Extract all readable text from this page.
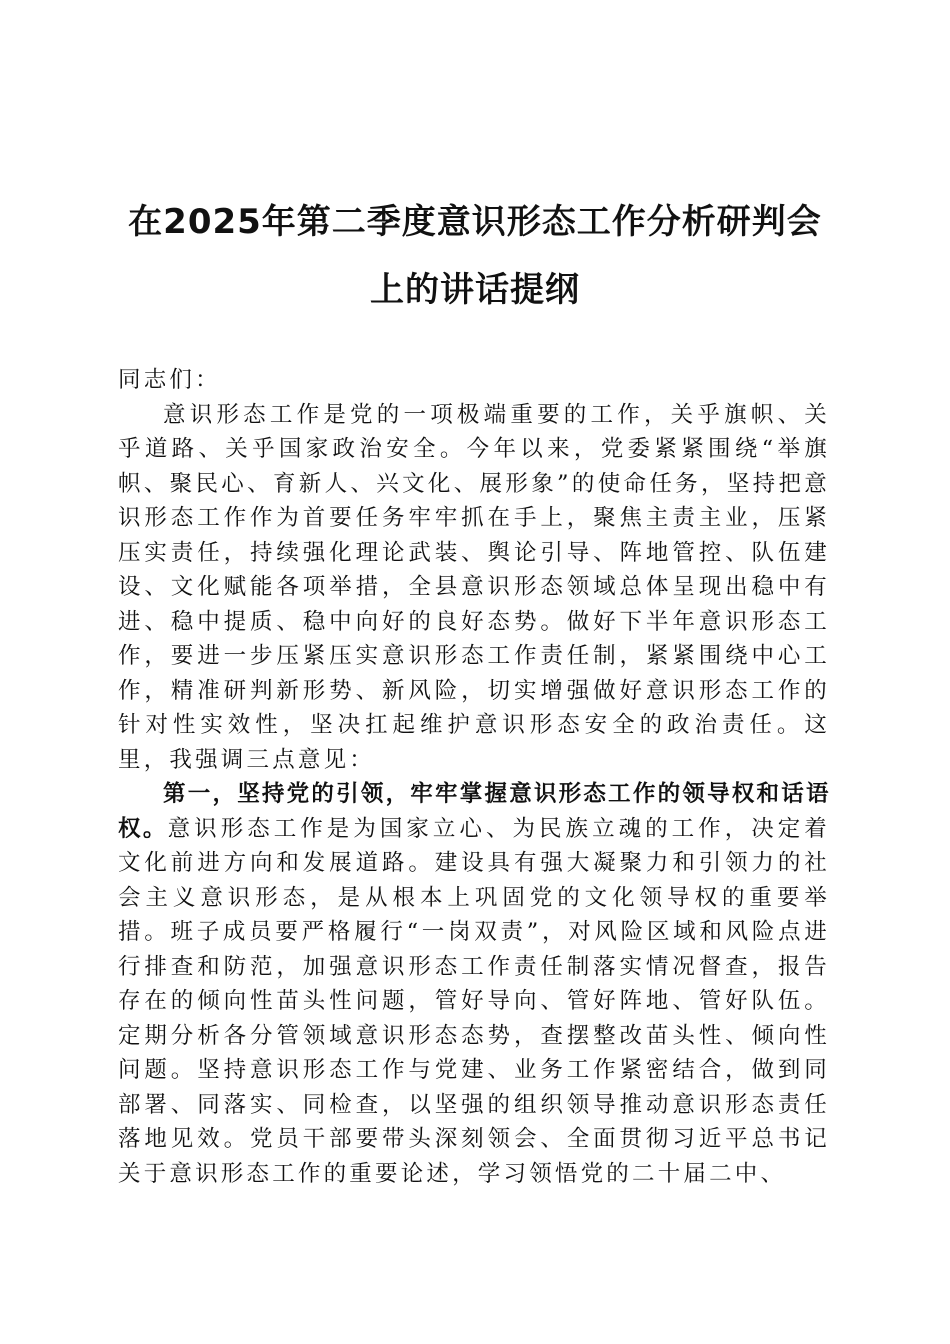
在2025年第二季度意识形态工作分析研判会
上的讲话提纲

同志们：

意识形态工作是党的一项极端重要的工作，关乎旗帜、关乎道路、关乎国家政治安全。今年以来，党委紧紧围绕“举旗帜、聚民心、育新人、兴文化、展形象”的使命任务，坚持把意识形态工作作为首要任务牢牢抓在手上，聚焦主责主业，压紧压实责任，持续强化理论武装、舆论引导、阵地管控、队伍建设、文化赋能各项举措，全县意识形态领域总体呈现出稳中有进、稳中提质、稳中向好的良好态势。做好下半年意识形态工作，要进一步压紧压实意识形态工作责任制，紧紧围绕中心工作，精准研判新形势、新风险，切实增强做好意识形态工作的针对性实效性，坚决扛起维护意识形态安全的政治责任。这里，我强调三点意见：

第一，坚持党的引领，牢牢掌握意识形态工作的领导权和话语权。意识形态工作是为国家立心、为民族立魂的工作，决定着文化前进方向和发展道路。建设具有强大凝聚力和引领力的社会主义意识形态，是从根本上巩固党的文化领导权的重要举措。班子成员要严格履行“一岗双责”，对风险区域和风险点进行排查和防范，加强意识形态工作责任制落实情况督查，报告存在的倾向性苗头性问题，管好导向、管好阵地、管好队伍。定期分析各分管领域意识形态态势，查摆整改苗头性、倾向性问题。坚持意识形态工作与党建、业务工作紧密结合，做到同部署、同落实、同检查，以坚强的组织领导推动意识形态责任落地见效。党员干部要带头深刻领会、全面贯彻习近平总书记关于意识形态工作的重要论述，学习领悟党的二十届二中、
